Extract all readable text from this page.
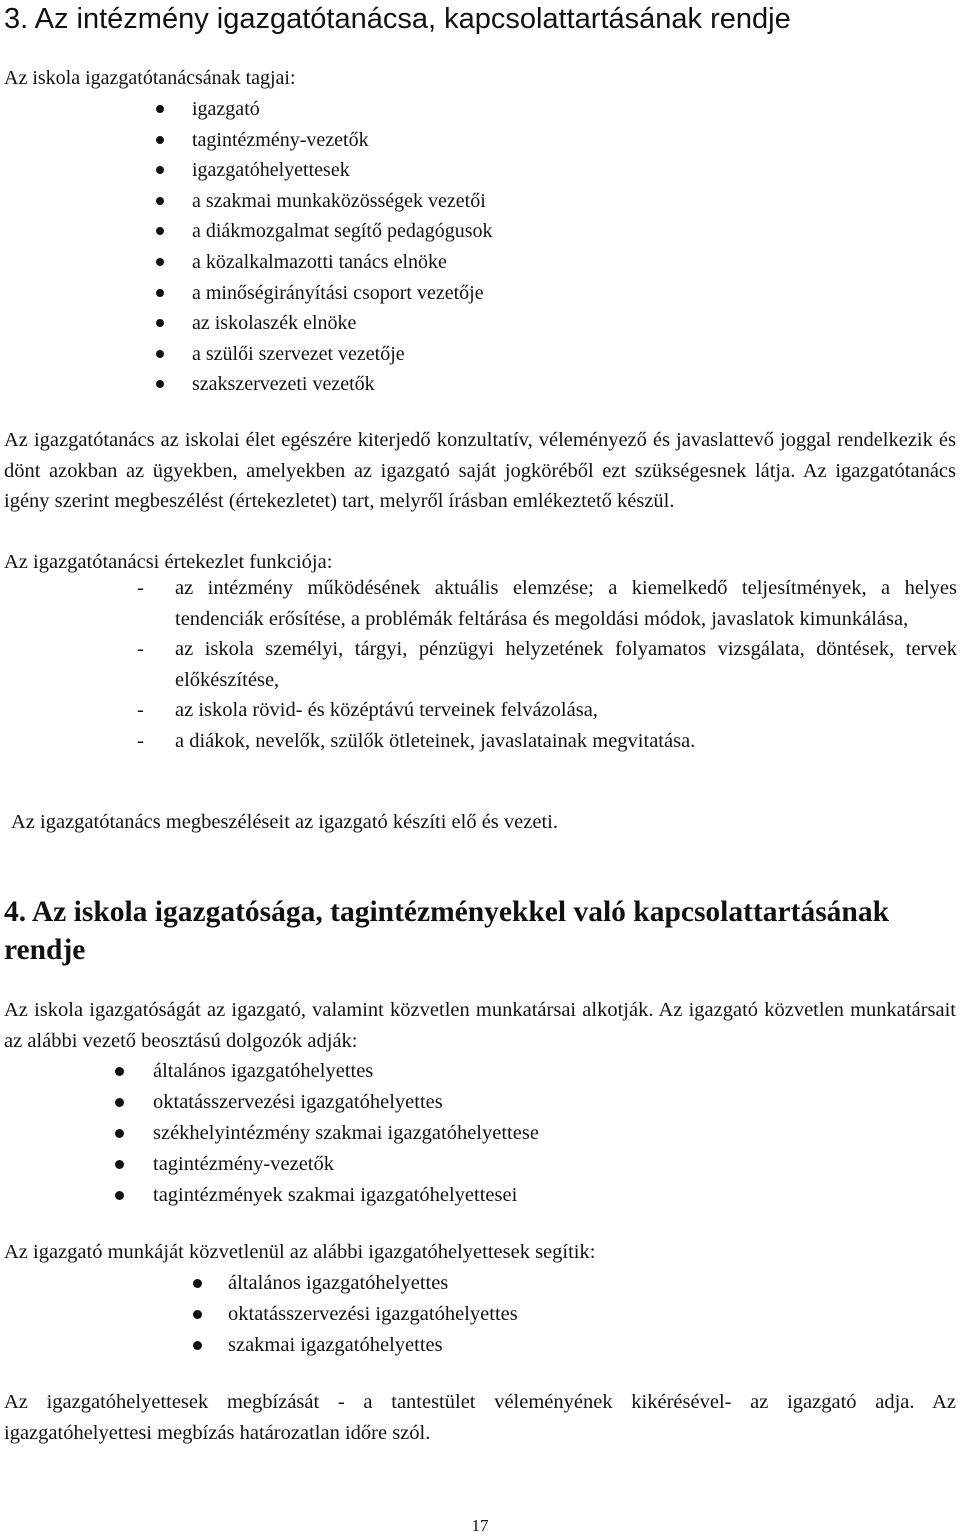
3. Az intézmény igazgatótanácsa, kapcsolattartásának rendje
Az iskola igazgatótanácsának tagjai:
igazgató
tagintézmény-vezetők
igazgatóhelyettesek
a szakmai munkaközösségek vezetői
a diákmozgalmat segítő pedagógusok
a közalkalmazotti tanács elnöke
a minőségirányítási csoport vezetője
az iskolaszék elnöke
a szülői szervezet vezetője
szakszervezeti vezetők
Az igazgatótanács az iskolai élet egészére kiterjedő konzultatív, véleményező és javaslattevő joggal rendelkezik és dönt azokban az ügyekben, amelyekben az igazgató saját jogköréből ezt szükségesnek látja. Az igazgatótanács igény szerint megbeszélést (értekezletet) tart, melyről írásban emlékeztető készül.
Az igazgatótanácsi értekezlet funkciója:
- az intézmény működésének aktuális elemzése; a kiemelkedő teljesítmények, a helyes tendenciák erősítése, a problémák feltárása és megoldási módok, javaslatok kimunkálása,
- az iskola személyi, tárgyi, pénzügyi helyzetének folyamatos vizsgálata, döntések, tervek előkészítése,
- az iskola rövid- és középtávú terveinek felvázolása,
- a diákok, nevelők, szülők ötleteinek, javaslatainak megvitatása.
Az igazgatótanács megbeszéléseit az igazgató készíti elő és vezeti.
4. Az iskola igazgatósága, tagintézményekkel való kapcsolattartásának rendje
Az iskola igazgatóságát az igazgató, valamint közvetlen munkatársai alkotják. Az igazgató közvetlen munkatársait az alábbi vezető beosztású dolgozók adják:
általános igazgatóhelyettes
oktatásszervezési igazgatóhelyettes
székhelyintézmény szakmai igazgatóhelyettese
tagintézmény-vezetők
tagintézmények szakmai igazgatóhelyettesei
Az igazgató munkáját közvetlenül az alábbi igazgatóhelyettesek segítik:
általános igazgatóhelyettes
oktatásszervezési igazgatóhelyettes
szakmai igazgatóhelyettes
Az igazgatóhelyettesek megbízását - a tantestület véleményének kikérésével- az igazgató adja. Az igazgatóhelyettesi megbízás határozatlan időre szól.
17
